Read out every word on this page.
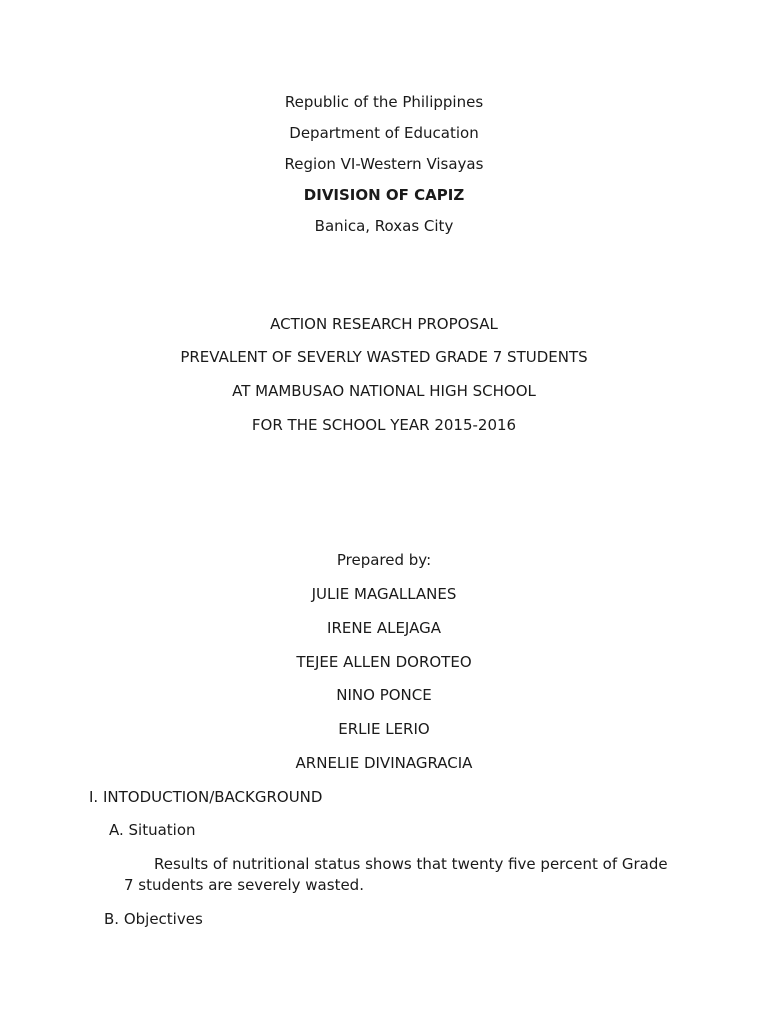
Republic of the Philippines
Department of Education
Region VI-Western Visayas
DIVISION OF CAPIZ
Banica, Roxas City
ACTION RESEARCH PROPOSAL
PREVALENT OF SEVERLY WASTED GRADE 7 STUDENTS
AT MAMBUSAO NATIONAL HIGH SCHOOL
FOR THE SCHOOL YEAR 2015-2016
Prepared by:
JULIE MAGALLANES
IRENE ALEJAGA
TEJEE ALLEN DOROTEO
NINO PONCE
ERLIE LERIO
ARNELIE DIVINAGRACIA
I. INTODUCTION/BACKGROUND
A. Situation
Results of nutritional status shows that twenty five percent of Grade
7 students are severely wasted.
B. Objectives
